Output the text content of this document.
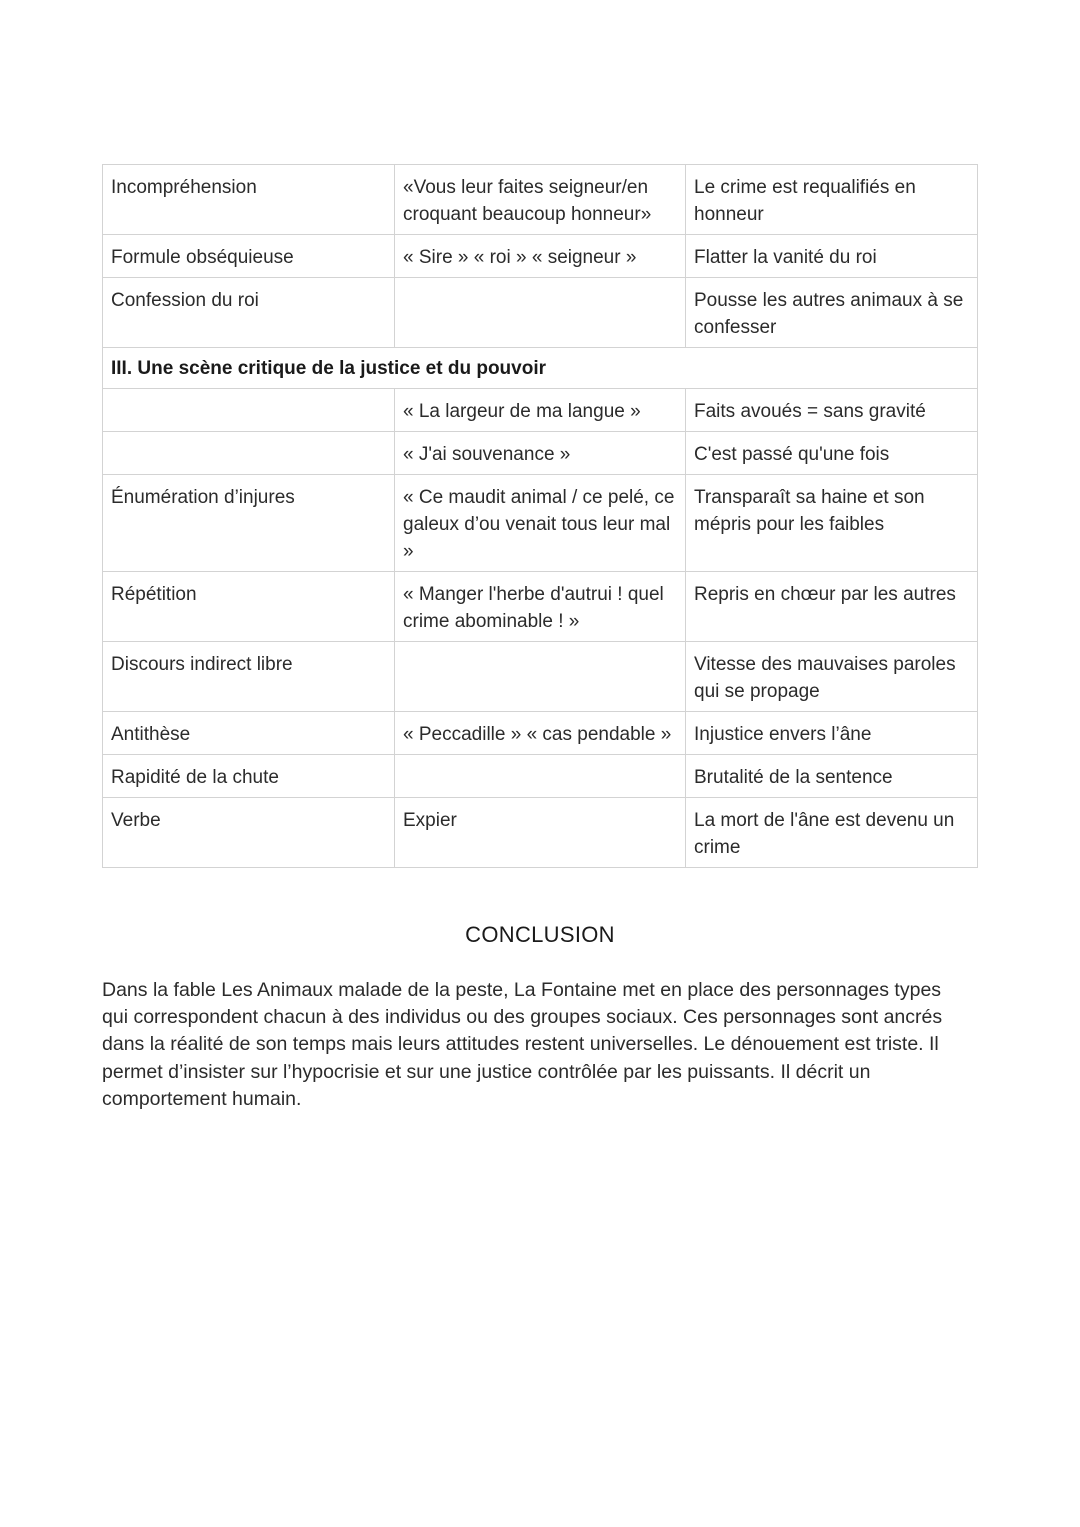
Incompréhension	«Vous leur faites seigneur/en croquant beaucoup honneur»	Le crime est requalifiés en honneur
Formule obséquieuse	« Sire » « roi » « seigneur »	Flatter la vanité du roi
Confession du roi		Pousse les autres animaux à se confesser
III. Une scène critique de la justice et du pouvoir		
	« La largeur de ma langue »	Faits avoués = sans gravité
	« J'ai souvenance »	C'est passé qu'une fois
Énumération d’injures	« Ce maudit animal / ce pelé, ce galeux d’ou venait tous leur mal »	Transparaît sa haine et son mépris pour les faibles
Répétition	« Manger l'herbe d'autrui ! quel crime abominable ! »	Repris en chœur par les autres
Discours indirect libre		Vitesse des mauvaises paroles qui se propage
Antithèse	« Peccadille » « cas pendable »	Injustice envers l’âne
Rapidité de la chute		Brutalité de la sentence
Verbe	Expier	La mort de l'âne est devenu un crime
CONCLUSION

Dans la fable Les Animaux malade de la peste, La Fontaine met en place des personnages types qui correspondent chacun à des individus ou des groupes sociaux. Ces personnages sont ancrés dans la réalité de son temps mais leurs attitudes restent universelles. Le dénouement est triste. Il permet d’insister sur l’hypocrisie et sur une justice contrôlée par les puissants. Il décrit un comportement humain.
